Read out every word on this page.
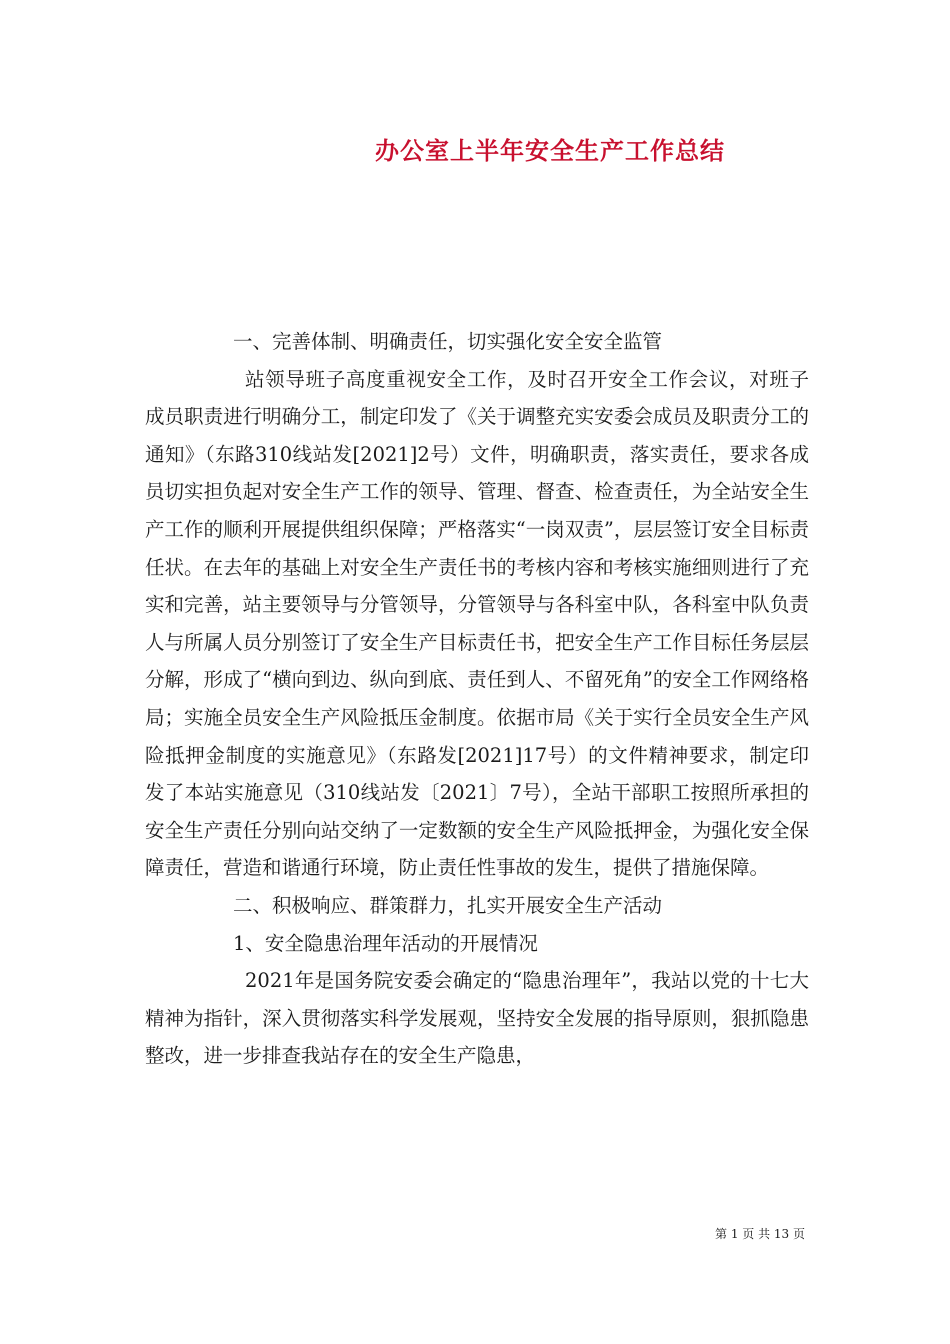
办公室上半年安全生产工作总结

一、完善体制、明确责任，切实强化安全安全监管

站领导班子高度重视安全工作，及时召开安全工作会议，对班子成员职责进行明确分工，制定印发了《关于调整充实安委会成员及职责分工的通知》（东路310线站发[2021]2号）文件，明确职责，落实责任，要求各成员切实担负起对安全生产工作的领导、管理、督查、检查责任，为全站安全生产工作的顺利开展提供组织保障；严格落实“一岗双责”，层层签订安全目标责任状。在去年的基础上对安全生产责任书的考核内容和考核实施细则进行了充实和完善，站主要领导与分管领导，分管领导与各科室中队，各科室中队负责人与所属人员分别签订了安全生产目标责任书，把安全生产工作目标任务层层分解，形成了“横向到边、纵向到底、责任到人、不留死角”的安全工作网络格局；实施全员安全生产风险抵压金制度。依据市局《关于实行全员安全生产风险抵押金制度的实施意见》（东路发[2021]17号）的文件精神要求，制定印发了本站实施意见（310线站发〔2021〕7号），全站干部职工按照所承担的安全生产责任分别向站交纳了一定数额的安全生产风险抵押金，为强化安全保障责任，营造和谐通行环境，防止责任性事故的发生，提供了措施保障。

二、积极响应、群策群力，扎实开展安全生产活动

1、安全隐患治理年活动的开展情况

2021年是国务院安委会确定的“隐患治理年”，我站以党的十七大精神为指针，深入贯彻落实科学发展观，坚持安全发展的指导原则，狠抓隐患整改，进一步排查我站存在的安全生产隐患，

第 1 页 共 13 页
